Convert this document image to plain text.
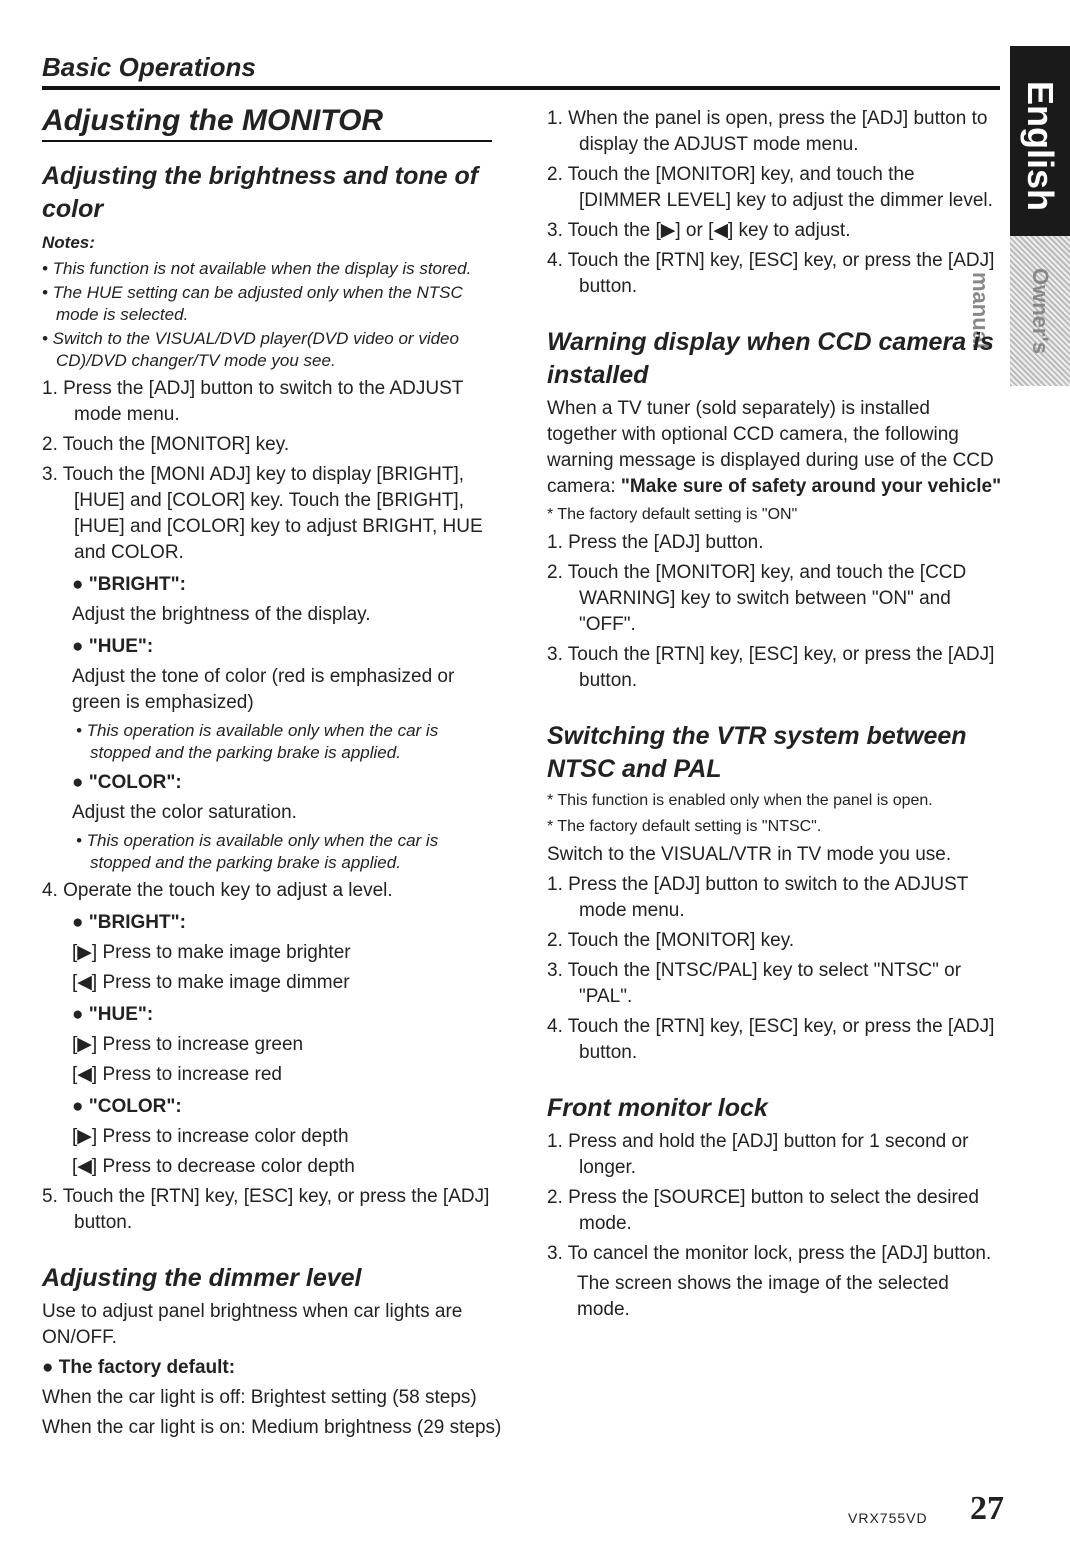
Basic Operations
English
Owner's manual
Adjusting the MONITOR
Adjusting the brightness and tone of color

Notes:

• This function is not available when the display is stored.

• The HUE setting can be adjusted only when the NTSC mode is selected.

• Switch to the VISUAL/DVD player(DVD video or video CD)/DVD changer/TV mode you see.

1. Press the [ADJ] button to switch to the ADJUST mode menu.

2. Touch the [MONITOR] key.

3. Touch the [MONI ADJ] key to display [BRIGHT], [HUE] and [COLOR] key. Touch the [BRIGHT], [HUE] and [COLOR] key to adjust BRIGHT, HUE and COLOR.

● "BRIGHT":

Adjust the brightness of the display.

● "HUE":

Adjust the tone of color (red is emphasized or green is emphasized)

• This operation is available only when the car is stopped and the parking brake is applied.

● "COLOR":

Adjust the color saturation.

• This operation is available only when the car is stopped and the parking brake is applied.

4. Operate the touch key to adjust a level.

● "BRIGHT":

[▶] Press to make image brighter

[◀] Press to make image dimmer

● "HUE":

[▶] Press to increase green

[◀] Press to increase red

● "COLOR":

[▶] Press to increase color depth

[◀] Press to decrease color depth

5. Touch the [RTN] key, [ESC] key, or press the [ADJ] button.

Adjusting the dimmer level

Use to adjust panel brightness when car lights are ON/OFF.

● The factory default:

When the car light is off: Brightest setting (58 steps)

When the car light is on: Medium brightness (29 steps)

1. When the panel is open, press the [ADJ] button to display the ADJUST mode menu.

2. Touch the [MONITOR] key, and touch the [DIMMER LEVEL] key to adjust the dimmer level.

3. Touch the [▶] or [◀] key to adjust.

4. Touch the [RTN] key, [ESC] key, or press the [ADJ] button.

Warning display when CCD camera is installed

When a TV tuner (sold separately) is installed together with optional CCD camera, the following warning message is displayed during use of the CCD camera: "Make sure of safety around your vehicle"

* The factory default setting is "ON"

1. Press the [ADJ] button.

2. Touch the [MONITOR] key, and touch the [CCD WARNING] key to switch between "ON" and "OFF".

3. Touch the [RTN] key, [ESC] key, or press the [ADJ] button.

Switching the VTR system between NTSC and PAL

* This function is enabled only when the panel is open.

* The factory default setting is "NTSC".

Switch to the VISUAL/VTR in TV mode you use.

1. Press the [ADJ] button to switch to the ADJUST mode menu.

2. Touch the [MONITOR] key.

3. Touch the [NTSC/PAL] key to select "NTSC" or "PAL".

4. Touch the [RTN] key, [ESC] key, or press the [ADJ] button.

Front monitor lock

1. Press and hold the [ADJ] button for 1 second or longer.

2. Press the [SOURCE] button to select the desired mode.

3. To cancel the monitor lock, press the [ADJ] button.

The screen shows the image of the selected mode.

VRX755VD 27
